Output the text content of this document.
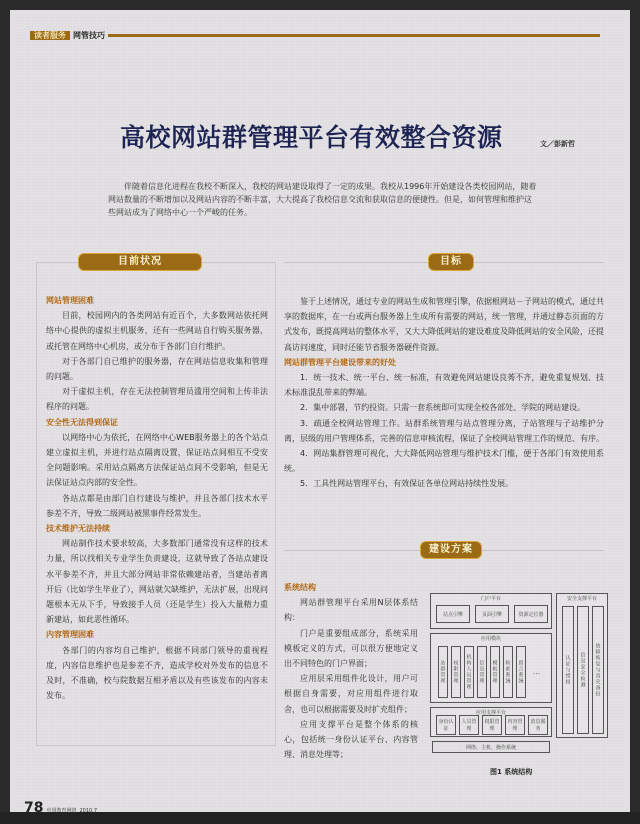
读者服务 网管技巧
高校网站群管理平台有效整合资源	文／彭新哲
伴随着信息化进程在我校不断深入，我校的网站建设取得了一定的成果。我校从1996年开始建设各类校园网站，随着网站数量的不断增加以及网站内容的不断丰富，大大提高了我校信息交流和获取信息的便捷性。但是，如何管理和维护这些网站成为了网络中心一个严峻的任务。
目前状况

网站管理困难

目前，校园网内的各类网站有近百个，大多数网站依托网络中心提供的虚拟主机服务，还有一些网站自行购买服务器，或托管在网络中心机房，或分布于各部门自行维护。

对于各部门自已维护的服务器，存在网站信息收集和管理的问题。

对于虚拟主机，存在无法控制管理员滥用空间和上传非法程序的问题。

安全性无法得到保证

以网络中心为依托，在网络中心WEB服务器上的各个站点建立虚拟主机，并进行站点隔离设置，保证站点间相互不受安全问题影响。采用站点隔离方法保证站点间不受影响，但是无法保证站点内部的安全性。

各站点都是由部门自行建设与维护，并且各部门技术水平参差不齐，导致二级网站被黑事件经常发生。

技术维护无法持续

网站制作技术要求较高，大多数部门通常没有这样的技术力量，所以找相关专业学生负责建设，这就导致了各站点建设水平参差不齐，并且大部分网站非常依赖建站者，当建站者离开后（比如学生毕业了），网站就欠缺维护，无法扩展，出现问题根本无从下手，导致接手人员（还是学生）投入大量精力重新建站，如此恶性循环。

内容管理困难

各部门的内容均自己维护，根据不同部门领导的重视程度，内容信息维护也是参差不齐，造成学校对外发布的信息不及时，不准确，校与院数据互相矛盾以及有些该发布的内容未发布。

目标

鉴于上述情况，通过专业的网站生成和管理引擎，依据根网站－子网站的模式，通过共享的数据库，在一台或两台服务器上生成所有需要的网站，统一管理，并通过静态页面的方式发布，既提高网站的整体水平，又大大降低网站的建设难度及降低网站的安全风险，还提高访问速度，同时还能节省服务器硬件资源。

网站群管理平台建设带来的好处

1．统一技术、统一平台、统一标准，有效避免网站建设良莠不齐，避免重复规划、技术标准混乱带来的弊端。

2．集中部署，节约投资。只需一套系统即可实现全校各部处、学院的网站建设。

3．疏通全校网站管理工作。站群系统管理与站点管理分离，子站管理与子站维护分离，层级的用户管理体系，完善的信息审核流程，保证了全校网站管理工作的规范、有序。

4．网站集群管理可视化，大大降低网站管理与维护技术门槛，便于各部门有效使用系统。

5．工具性网站管理平台，有效保证各单位网站持续性发展。

建设方案

系统结构

网站群管理平台采用N层体系结构：

门户是重要组成部分，系统采用模板定义的方式，可以很方便地定义出不同特色的门户界面；

应用层采用组件化设计，用户可根据自身需要，对应用组件进行取舍，也可以根据需要及时扩充组件；

应用支撑平台是整个体系的核心，包括统一身份认证平台、内容管理、消息处理等；

门户平台
站点引擎	页面引擎	资源定位器
应用模块
站群管理	权限管理	机构人员管理	信息管理	模板管理	检索系统	留言系统	…
应用支撑平台
安全支撑平台
认证与授权	信息安全检测	故障恢复与容灾备份
身份认证
人员管理
权限管理
内容管理
消息服务
网络、主机、操作系统
图1 系统结构
78 中国教育网络 2010.7
